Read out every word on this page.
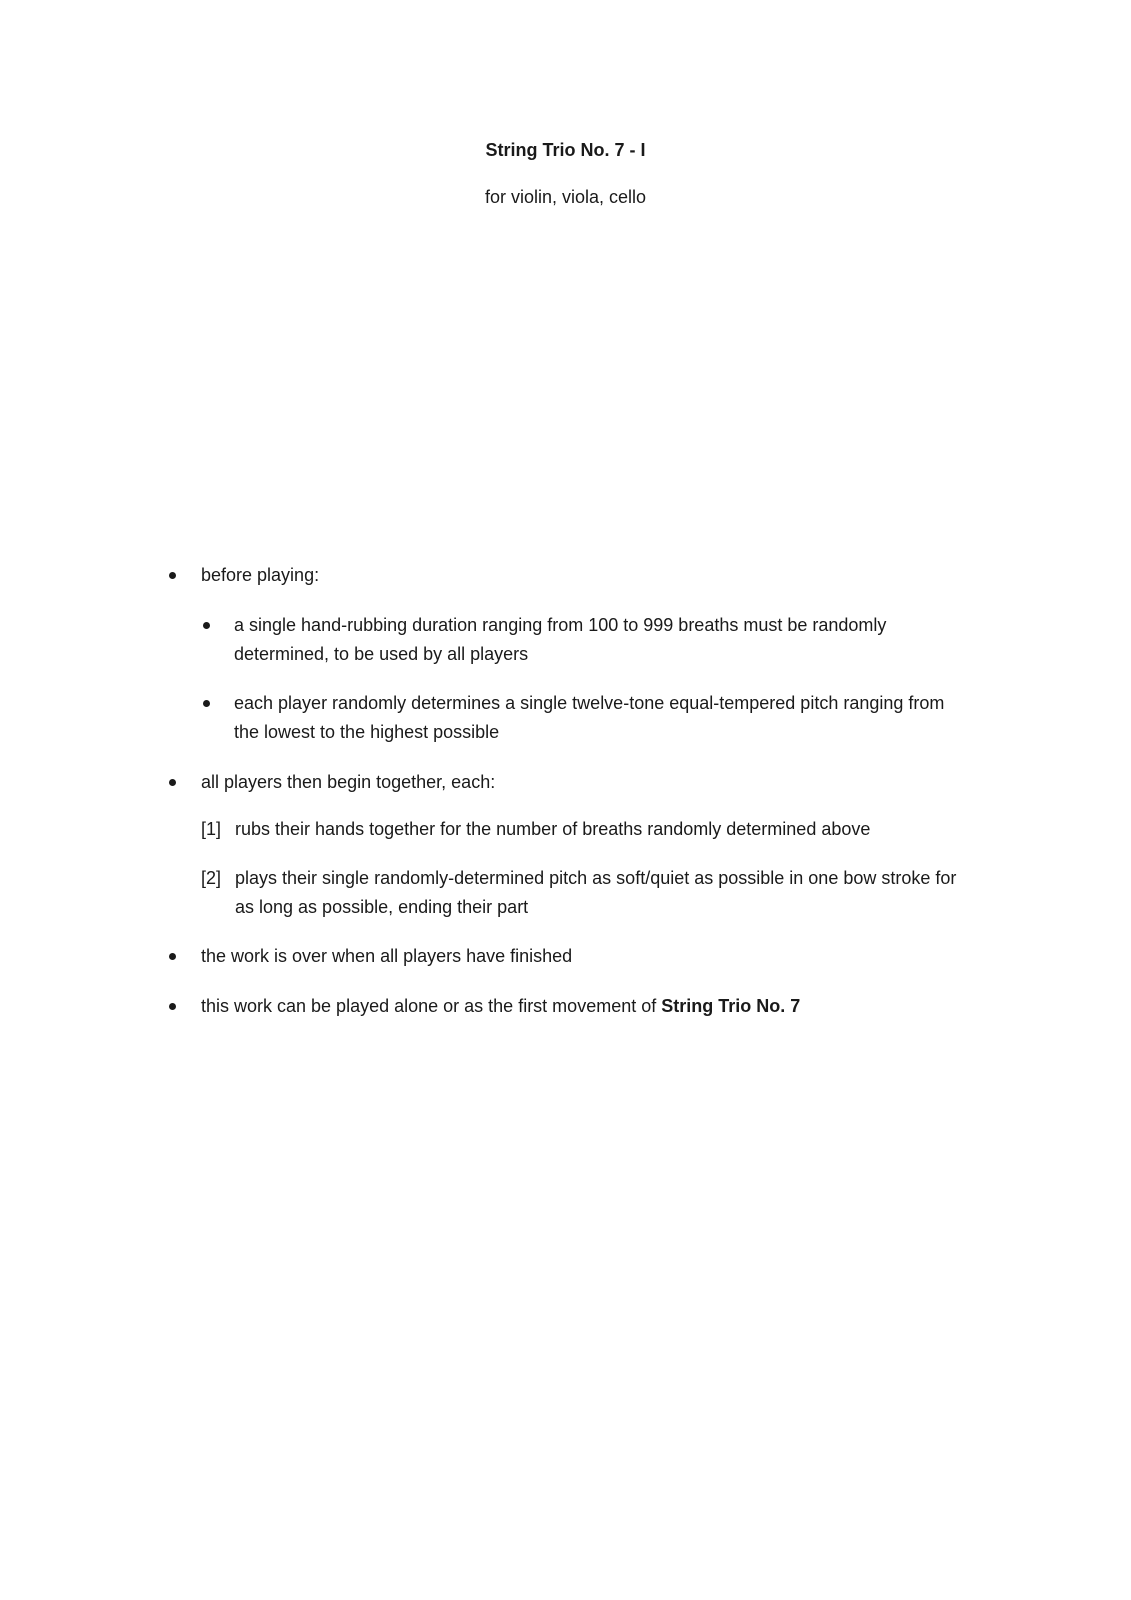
String Trio No. 7 - I
for violin, viola, cello
before playing:
a single hand-rubbing duration ranging from 100 to 999 breaths must be randomly determined, to be used by all players
each player randomly determines a single twelve-tone equal-tempered pitch ranging from the lowest to the highest possible
all players then begin together, each:
[1] rubs their hands together for the number of breaths randomly determined above
[2] plays their single randomly-determined pitch as soft/quiet as possible in one bow stroke for as long as possible, ending their part
the work is over when all players have finished
this work can be played alone or as the first movement of String Trio No. 7
